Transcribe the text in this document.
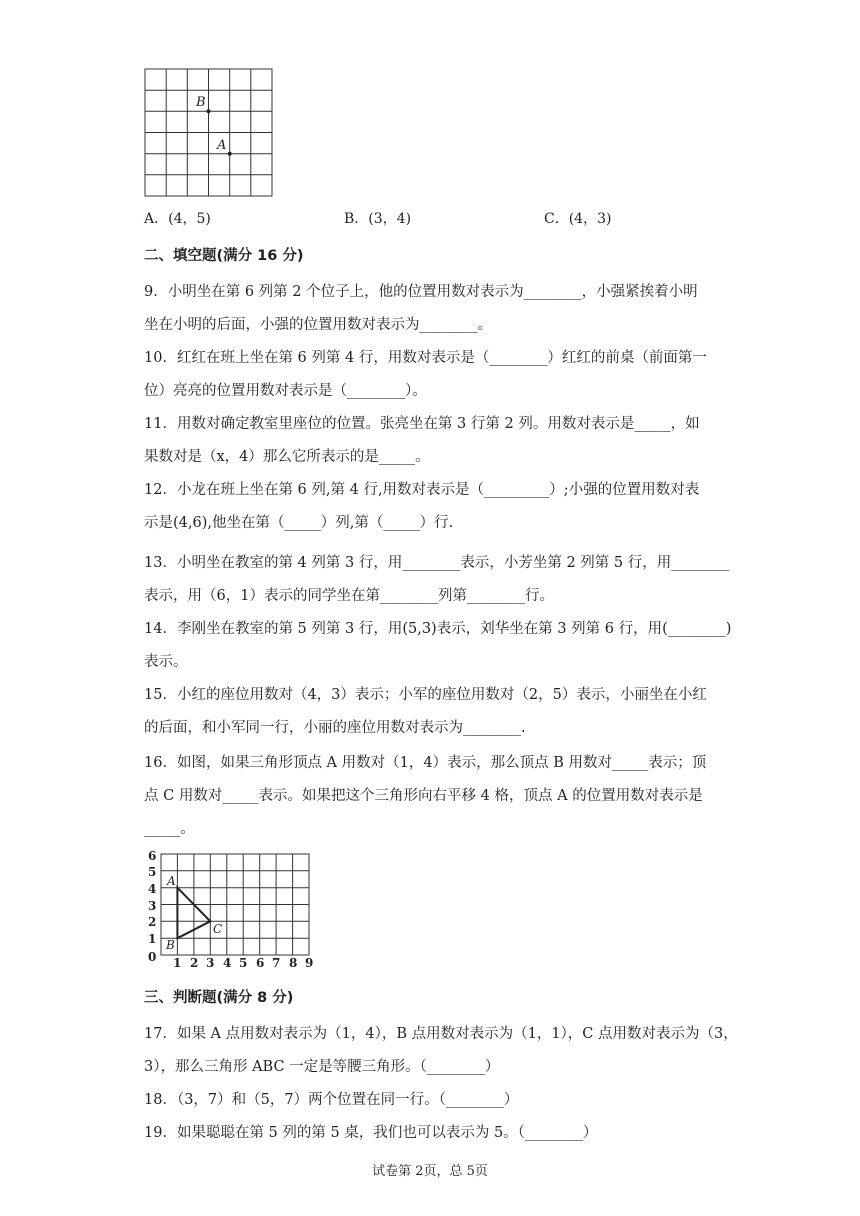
B
A
A．(4，5)	B．(3，4)	C．(4，3)
二、填空题(满分 16 分)
9．小明坐在第 6 列第 2 个位子上，他的位置用数对表示为________，小强紧挨着小明
坐在小明的后面，小强的位置用数对表示为________。
10．红红在班上坐在第 6 列第 4 行，用数对表示是（________）红红的前桌（前面第一
位）亮亮的位置用数对表示是（________）。
11．用数对确定教室里座位的位置。张亮坐在第 3 行第 2 列。用数对表示是_____，如
果数对是（x，4）那么它所表示的是_____。
12．小龙在班上坐在第 6 列,第 4 行,用数对表示是（_________）;小强的位置用数对表
示是(4,6),他坐在第（_____）列,第（_____）行.
13．小明坐在教室的第 4 列第 3 行，用________表示，小芳坐第 2 列第 5 行，用________
表示，用（6，1）表示的同学坐在第________列第________行。
14．李刚坐在教室的第 5 列第 3 行，用(5,3)表示，刘华坐在第 3 列第 6 行，用(________)
表示。
15．小红的座位用数对（4，3）表示；小军的座位用数对（2，5）表示，小丽坐在小红
的后面，和小军同一行，小丽的座位用数对表示为________.
16．如图，如果三角形顶点 A 用数对（1，4）表示，那么顶点 B 用数对_____表示；顶
点 C 用数对_____表示。如果把这个三角形向右平移 4 格，顶点 A 的位置用数对表示是
_____。
6
5
4
3
2
1
0 1 2 3 4 5 6 7 8 9
A
B
C
三、判断题(满分 8 分)
17．如果 A 点用数对表示为（1，4），B 点用数对表示为（1，1），C 点用数对表示为（3，
3），那么三角形 ABC 一定是等腰三角形。（________）
18．（3，7）和（5，7）两个位置在同一行。（________）
19．如果聪聪在第 5 列的第 5 桌，我们也可以表示为 5。（________）
试卷第 2页，总 5页
